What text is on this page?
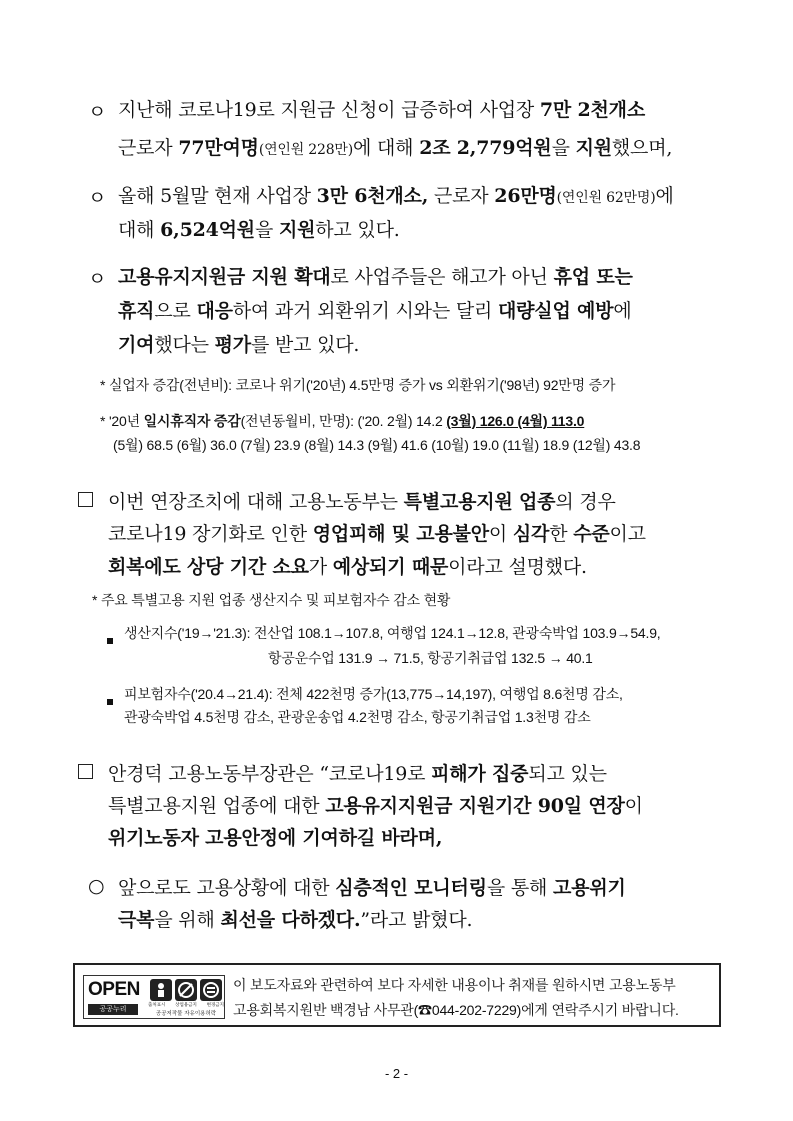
ㅇ 지난해 코로나19로 지원금 신청이 급증하여 사업장 7만 2천개소
근로자 77만여명(연인원 228만)에 대해 2조 2,779억원을 지원했으며,
ㅇ 올해 5월말 현재 사업장 3만 6천개소, 근로자 26만명(연인원 62만명)에
대해 6,524억원을 지원하고 있다.
ㅇ 고용유지지원금 지원 확대로 사업주들은 해고가 아닌 휴업 또는
휴직으로 대응하여 과거 외환위기 시와는 달리 대량실업 예방에
기여했다는 평가를 받고 있다.
* 실업자 증감(전년비): 코로나 위기('20년) 4.5만명 증가 vs 외환위기('98년) 92만명 증가
* '20년 일시휴직자 증감(전년동월비, 만명): ('20. 2월) 14.2 (3월) 126.0 (4월) 113.0
(5월) 68.5 (6월) 36.0 (7월) 23.9 (8월) 14.3 (9월) 41.6 (10월) 19.0 (11월) 18.9 (12월) 43.8
이번 연장조치에 대해 고용노동부는 특별고용지원 업종의 경우
코로나19 장기화로 인한 영업피해 및 고용불안이 심각한 수준이고
회복에도 상당 기간 소요가 예상되기 때문이라고 설명했다.
* 주요 특별고용 지원 업종 생산지수 및 피보험자수 감소 현황
생산지수('19→'21.3): 전산업 108.1→107.8, 여행업 124.1→12.8, 관광숙박업 103.9→54.9,
항공운수업 131.9 → 71.5, 항공기취급업 132.5 → 40.1
피보험자수('20.4→21.4): 전체 422천명 증가(13,775→14,197), 여행업 8.6천명 감소,
관광숙박업 4.5천명 감소, 관광운송업 4.2천명 감소, 항공기취급업 1.3천명 감소
안경덕 고용노동부장관은 “코로나19로 피해가 집중되고 있는
특별고용지원 업종에 대한 고용유지지원금 지원기간 90일 연장이
위기노동자 고용안정에 기여하길 바라며,
○ 앞으로도 고용상황에 대한 심층적인 모니터링을 통해 고용위기
극복을 위해 최선을 다하겠다.”라고 밝혔다.
OPEN
공공누리	출처표시 상업용금지 변경금지
공공저작물 자유이용허락
이 보도자료와 관련하여 보다 자세한 내용이나 취재를 원하시면 고용노동부
고용회복지원반 백경남 사무관(☎044-202-7229)에게 연락주시기 바랍니다.
- 2 -
